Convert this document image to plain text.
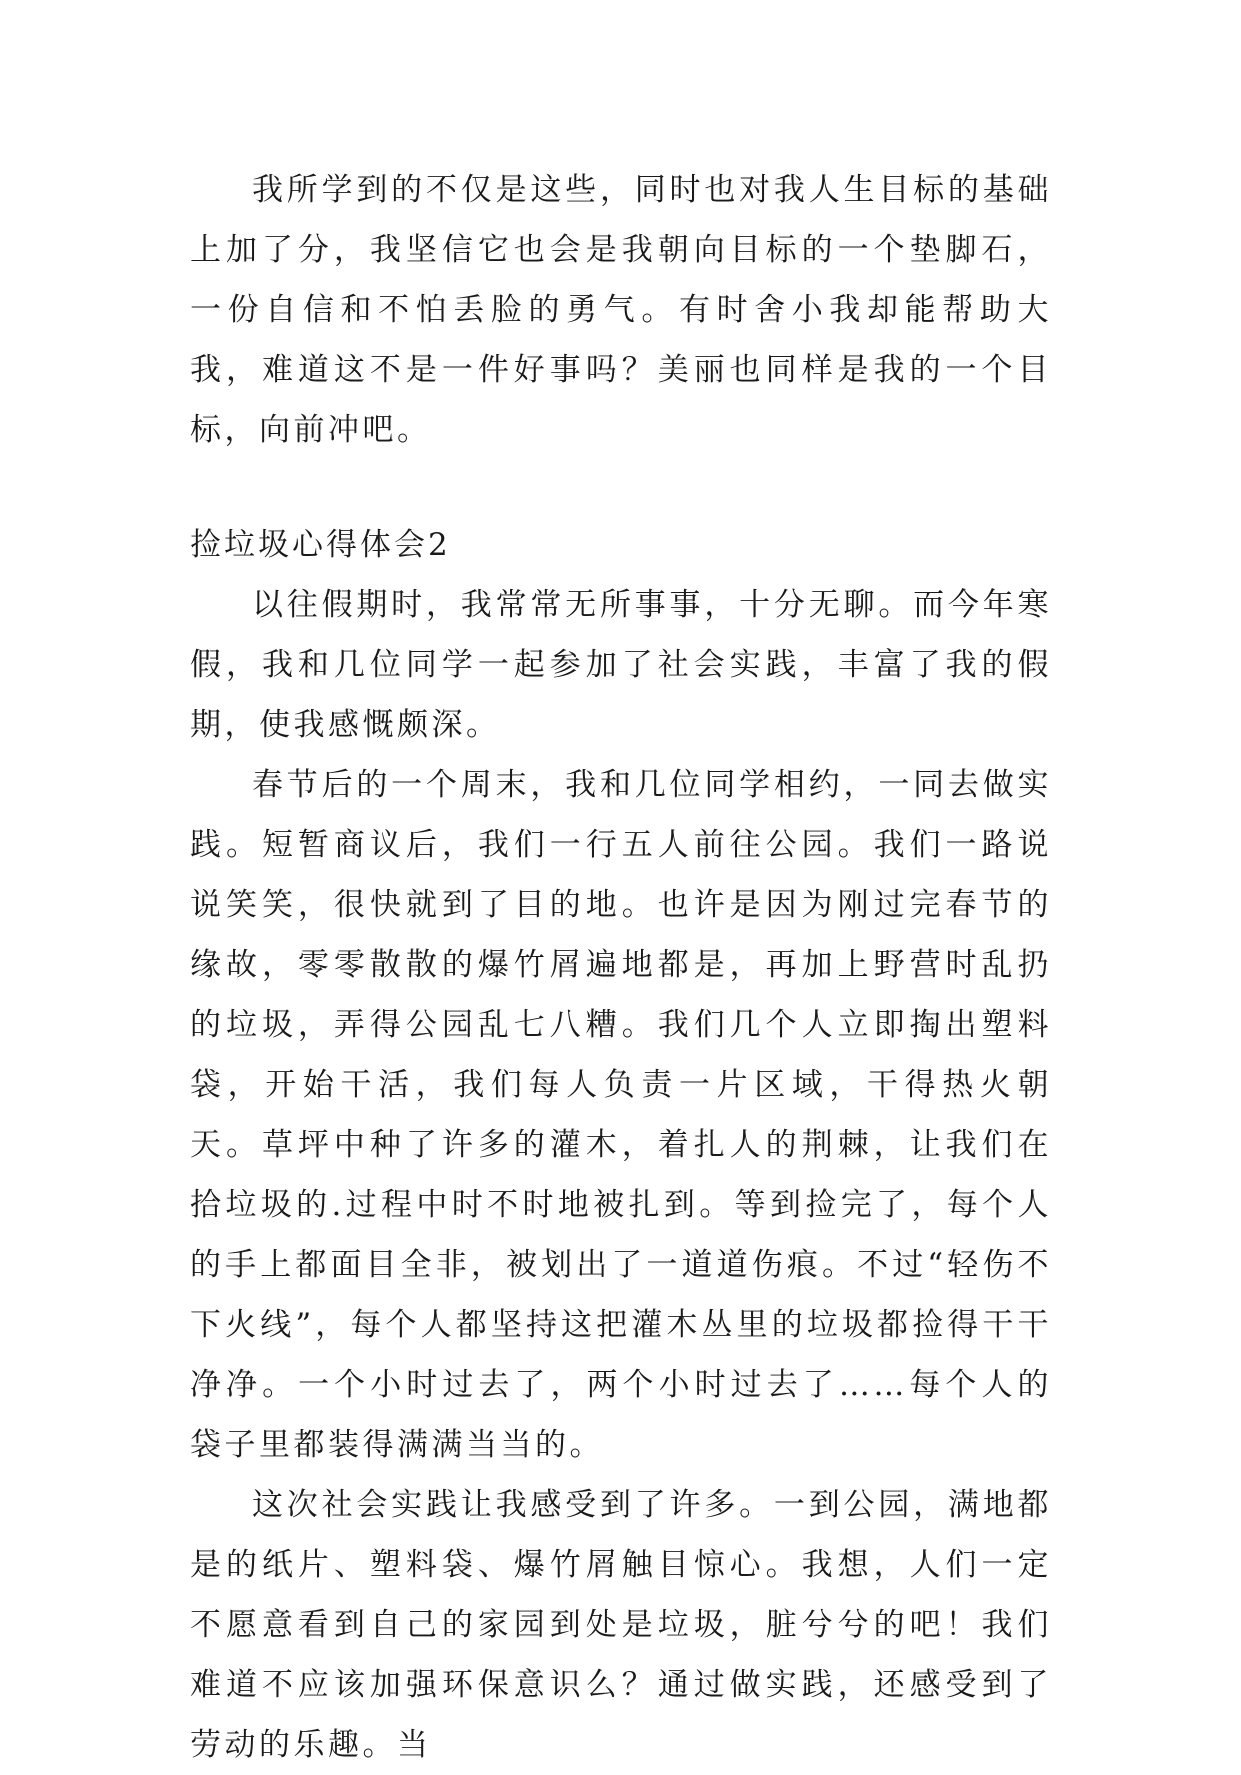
我所学到的不仅是这些，同时也对我人生目标的基础上加了分，我坚信它也会是我朝向目标的一个垫脚石，一份自信和不怕丢脸的勇气。有时舍小我却能帮助大我，难道这不是一件好事吗？美丽也同样是我的一个目标，向前冲吧。

捡垃圾心得体会2

以往假期时，我常常无所事事，十分无聊。而今年寒假，我和几位同学一起参加了社会实践，丰富了我的假期，使我感慨颇深。

春节后的一个周末，我和几位同学相约，一同去做实践。短暂商议后，我们一行五人前往公园。我们一路说说笑笑，很快就到了目的地。也许是因为刚过完春节的缘故，零零散散的爆竹屑遍地都是，再加上野营时乱扔的垃圾，弄得公园乱七八糟。我们几个人立即掏出塑料袋，开始干活，我们每人负责一片区域，干得热火朝天。草坪中种了许多的灌木，着扎人的荆棘，让我们在拾垃圾的.过程中时不时地被扎到。等到捡完了，每个人的手上都面目全非，被划出了一道道伤痕。不过“轻伤不下火线”，每个人都坚持这把灌木丛里的垃圾都捡得干干净净。一个小时过去了，两个小时过去了……每个人的袋子里都装得满满当当的。

这次社会实践让我感受到了许多。一到公园，满地都是的纸片、塑料袋、爆竹屑触目惊心。我想，人们一定不愿意看到自己的家园到处是垃圾，脏兮兮的吧！我们难道不应该加强环保意识么？通过做实践，还感受到了劳动的乐趣。当
